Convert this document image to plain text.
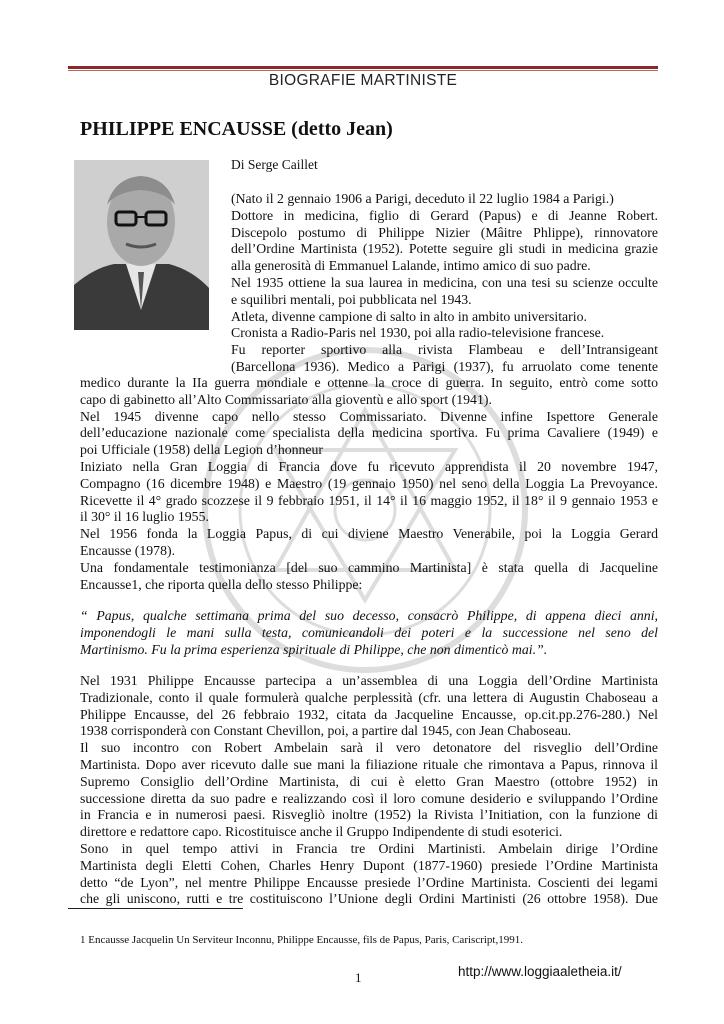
BIOGRAFIE MARTINISTE
PHILIPPE ENCAUSSE (detto Jean)
Di Serge Caillet
(Nato il 2 gennaio 1906 a Parigi, deceduto il 22 luglio 1984 a Parigi.)
Dottore in medicina, figlio di Gerard (Papus) e di Jeanne Robert.
Discepolo postumo di Philippe Nizier (Mâitre Phlippe), rinnovatore
dell’Ordine Martinista (1952). Potette seguire gli studi in medicina grazie
alla generosità di Emmanuel Lalande, intimo amico di suo padre.
Nel 1935 ottiene la sua laurea in medicina, con una tesi su scienze occulte
e squilibri mentali, poi pubblicata nel 1943.
Atleta, divenne campione di salto in alto in ambito universitario.
Cronista a Radio-Paris nel 1930, poi alla radio-televisione francese.
Fu reporter sportivo alla rivista Flambeau e dell’Intransigeant
(Barcellona 1936). Medico a Parigi (1937), fu arruolato come tenente
medico durante la IIa guerra mondiale e ottenne la croce di guerra. In seguito, entrò come sotto
capo di gabinetto all’Alto Commissariato alla gioventù e allo sport (1941).
Nel 1945 divenne capo nello stesso Commissariato. Divenne infine Ispettore Generale
dell’educazione nazionale come specialista della medicina sportiva. Fu prima Cavaliere (1949) e
poi Ufficiale (1958) della Legion d’honneur
Iniziato nella Gran Loggia di Francia dove fu ricevuto apprendista il 20 novembre 1947,
Compagno (16 dicembre 1948) e Maestro (19 gennaio 1950) nel seno della Loggia La Prevoyance.
Ricevette il 4° grado scozzese il 9 febbraio 1951, il 14° il 16 maggio 1952, il 18° il 9 gennaio 1953 e
il 30° il 16 luglio 1955.
Nel 1956 fonda la Loggia Papus, di cui diviene Maestro Venerabile, poi la Loggia Gerard
Encausse (1978).
Una fondamentale testimonianza [del suo cammino Martinista] è stata quella di Jacqueline
Encausse1, che riporta quella dello stesso Philippe:
“ Papus, qualche settimana prima del suo decesso, consacrò Philippe, di appena dieci anni,
imponendogli le mani sulla testa, comunicandoli dei poteri e la successione nel seno del
Martinismo. Fu la prima esperienza spirituale di Philippe, che non dimenticò mai.”.
Nel 1931 Philippe Encausse partecipa a un’assemblea di una Loggia dell’Ordine Martinista
Tradizionale, conto il quale formulerà qualche perplessità (cfr. una lettera di Augustin Chaboseau a
Philippe Encausse, del 26 febbraio 1932, citata da Jacqueline Encausse, op.cit.pp.276-280.) Nel
1938 corrisponderà con Constant Chevillon, poi, a partire dal 1945, con Jean Chaboseau.
Il suo incontro con Robert Ambelain sarà il vero detonatore del risveglio dell’Ordine
Martinista. Dopo aver ricevuto dalle sue mani la filiazione rituale che rimontava a Papus, rinnova il
Supremo Consiglio dell’Ordine Martinista, di cui è eletto Gran Maestro (ottobre 1952) in
successione diretta da suo padre e realizzando così il loro comune desiderio e sviluppando l’Ordine
in Francia e in numerosi paesi. Risvegliò inoltre (1952) la Rivista l’Initiation, con la funzione di
direttore e redattore capo. Ricostituisce anche il Gruppo Indipendente di studi esoterici.
Sono in quel tempo attivi in Francia tre Ordini Martinisti. Ambelain dirige l’Ordine
Martinista degli Eletti Cohen, Charles Henry Dupont (1877-1960) presiede l’Ordine Martinista
detto “de Lyon”, nel mentre Philippe Encausse presiede l’Ordine Martinista. Coscienti dei legami
che gli uniscono, rutti e tre costituiscono l’Unione degli Ordini Martinisti (26 ottobre 1958). Due
1 Encausse Jacquelin Un Serviteur Inconnu, Philippe Encausse, fils de Papus, Paris, Cariscript,1991.
1	http://www.loggiaaletheia.it/
